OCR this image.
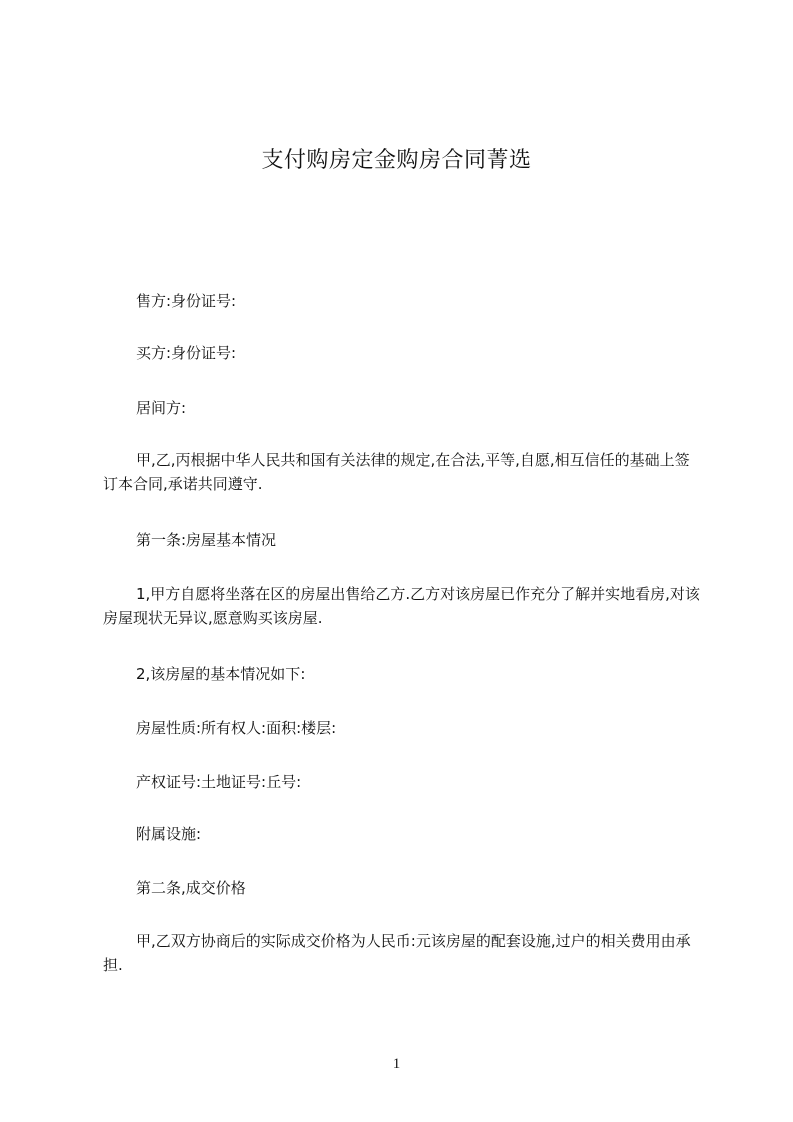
支付购房定金购房合同菁选

售方:身份证号:

买方:身份证号:

居间方:

甲,乙,丙根据中华人民共和国有关法律的规定,在合法,平等,自愿,相互信任的基础上签订本合同,承诺共同遵守.

第一条:房屋基本情况

1,甲方自愿将坐落在区的房屋出售给乙方.乙方对该房屋已作充分了解并实地看房,对该房屋现状无异议,愿意购买该房屋.

2,该房屋的基本情况如下:

房屋性质:所有权人:面积:楼层:

产权证号:土地证号:丘号:

附属设施:

第二条,成交价格

甲,乙双方协商后的实际成交价格为人民币:元该房屋的配套设施,过户的相关费用由承担.

1
